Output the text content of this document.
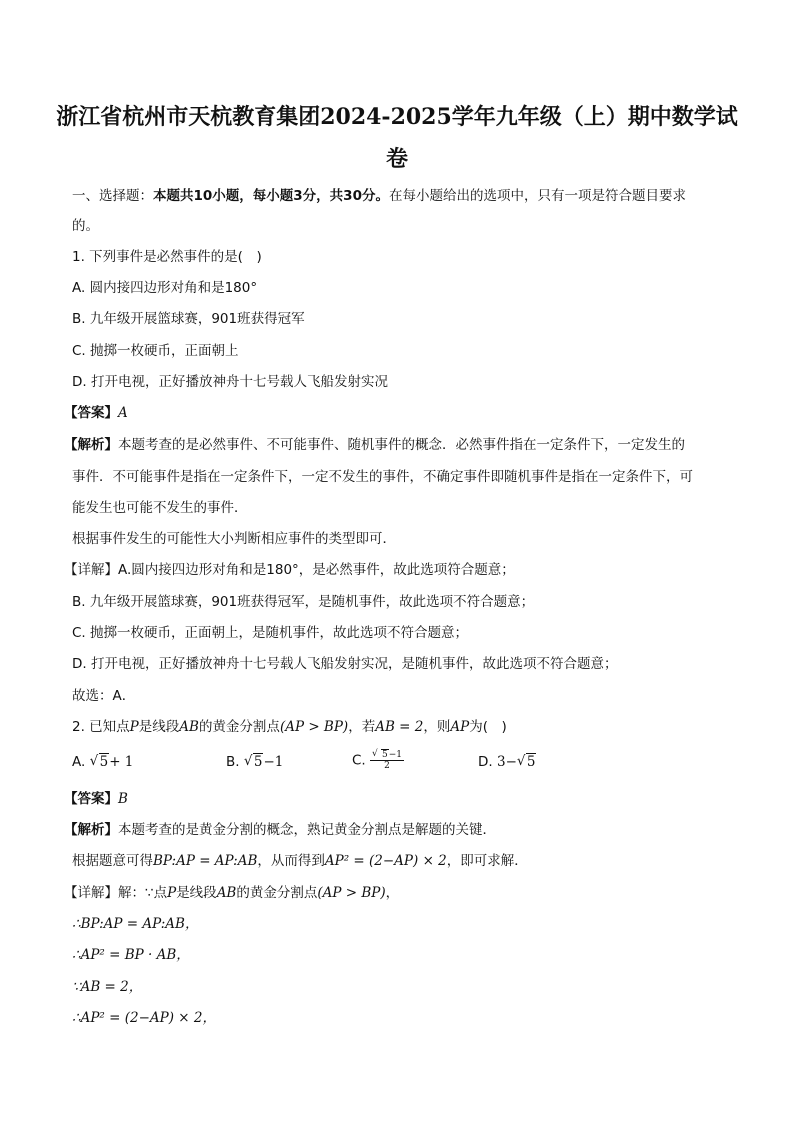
浙江省杭州市天杭教育集团2024-2025学年九年级（上）期中数学试
卷
一、选择题：本题共10小题，每小题3分，共30分。在每小题给出的选项中，只有一项是符合题目要求
的。
1. 下列事件是必然事件的是(　)
A. 圆内接四边形对角和是180°
B. 九年级开展篮球赛，901班获得冠军
C. 抛掷一枚硬币，正面朝上
D. 打开电视，正好播放神舟十七号载人飞船发射实况
【答案】A
【解析】本题考查的是必然事件、不可能事件、随机事件的概念．必然事件指在一定条件下，一定发生的
事件．不可能事件是指在一定条件下，一定不发生的事件，不确定事件即随机事件是指在一定条件下，可
能发生也可能不发生的事件．
根据事件发生的可能性大小判断相应事件的类型即可．
【详解】A.圆内接四边形对角和是180°，是必然事件，故此选项符合题意；
B. 九年级开展篮球赛，901班获得冠军，是随机事件，故此选项不符合题意；
C. 抛掷一枚硬币，正面朝上，是随机事件，故此选项不符合题意；
D. 打开电视，正好播放神舟十七号载人飞船发射实况，是随机事件，故此选项不符合题意；
故选：A．
2. 已知点P是线段AB的黄金分割点(AP > BP)，若AB = 2，则AP为(　)
A. √ 5+ 1	B. √ 5−1	C. √ $\frac{5-1}{2}$	D. 3− √ 5
【答案】B
【解析】本题考查的是黄金分割的概念，熟记黄金分割点是解题的关键．
根据题意可得BP:AP = AP:AB，从而得到AP² = (2−AP) × 2，即可求解．
【详解】解：∵点P是线段AB的黄金分割点(AP > BP)，
∴BP:AP = AP:AB，
∴AP² = BP · AB，
∵AB = 2，
∴AP² = (2−AP) × 2，
